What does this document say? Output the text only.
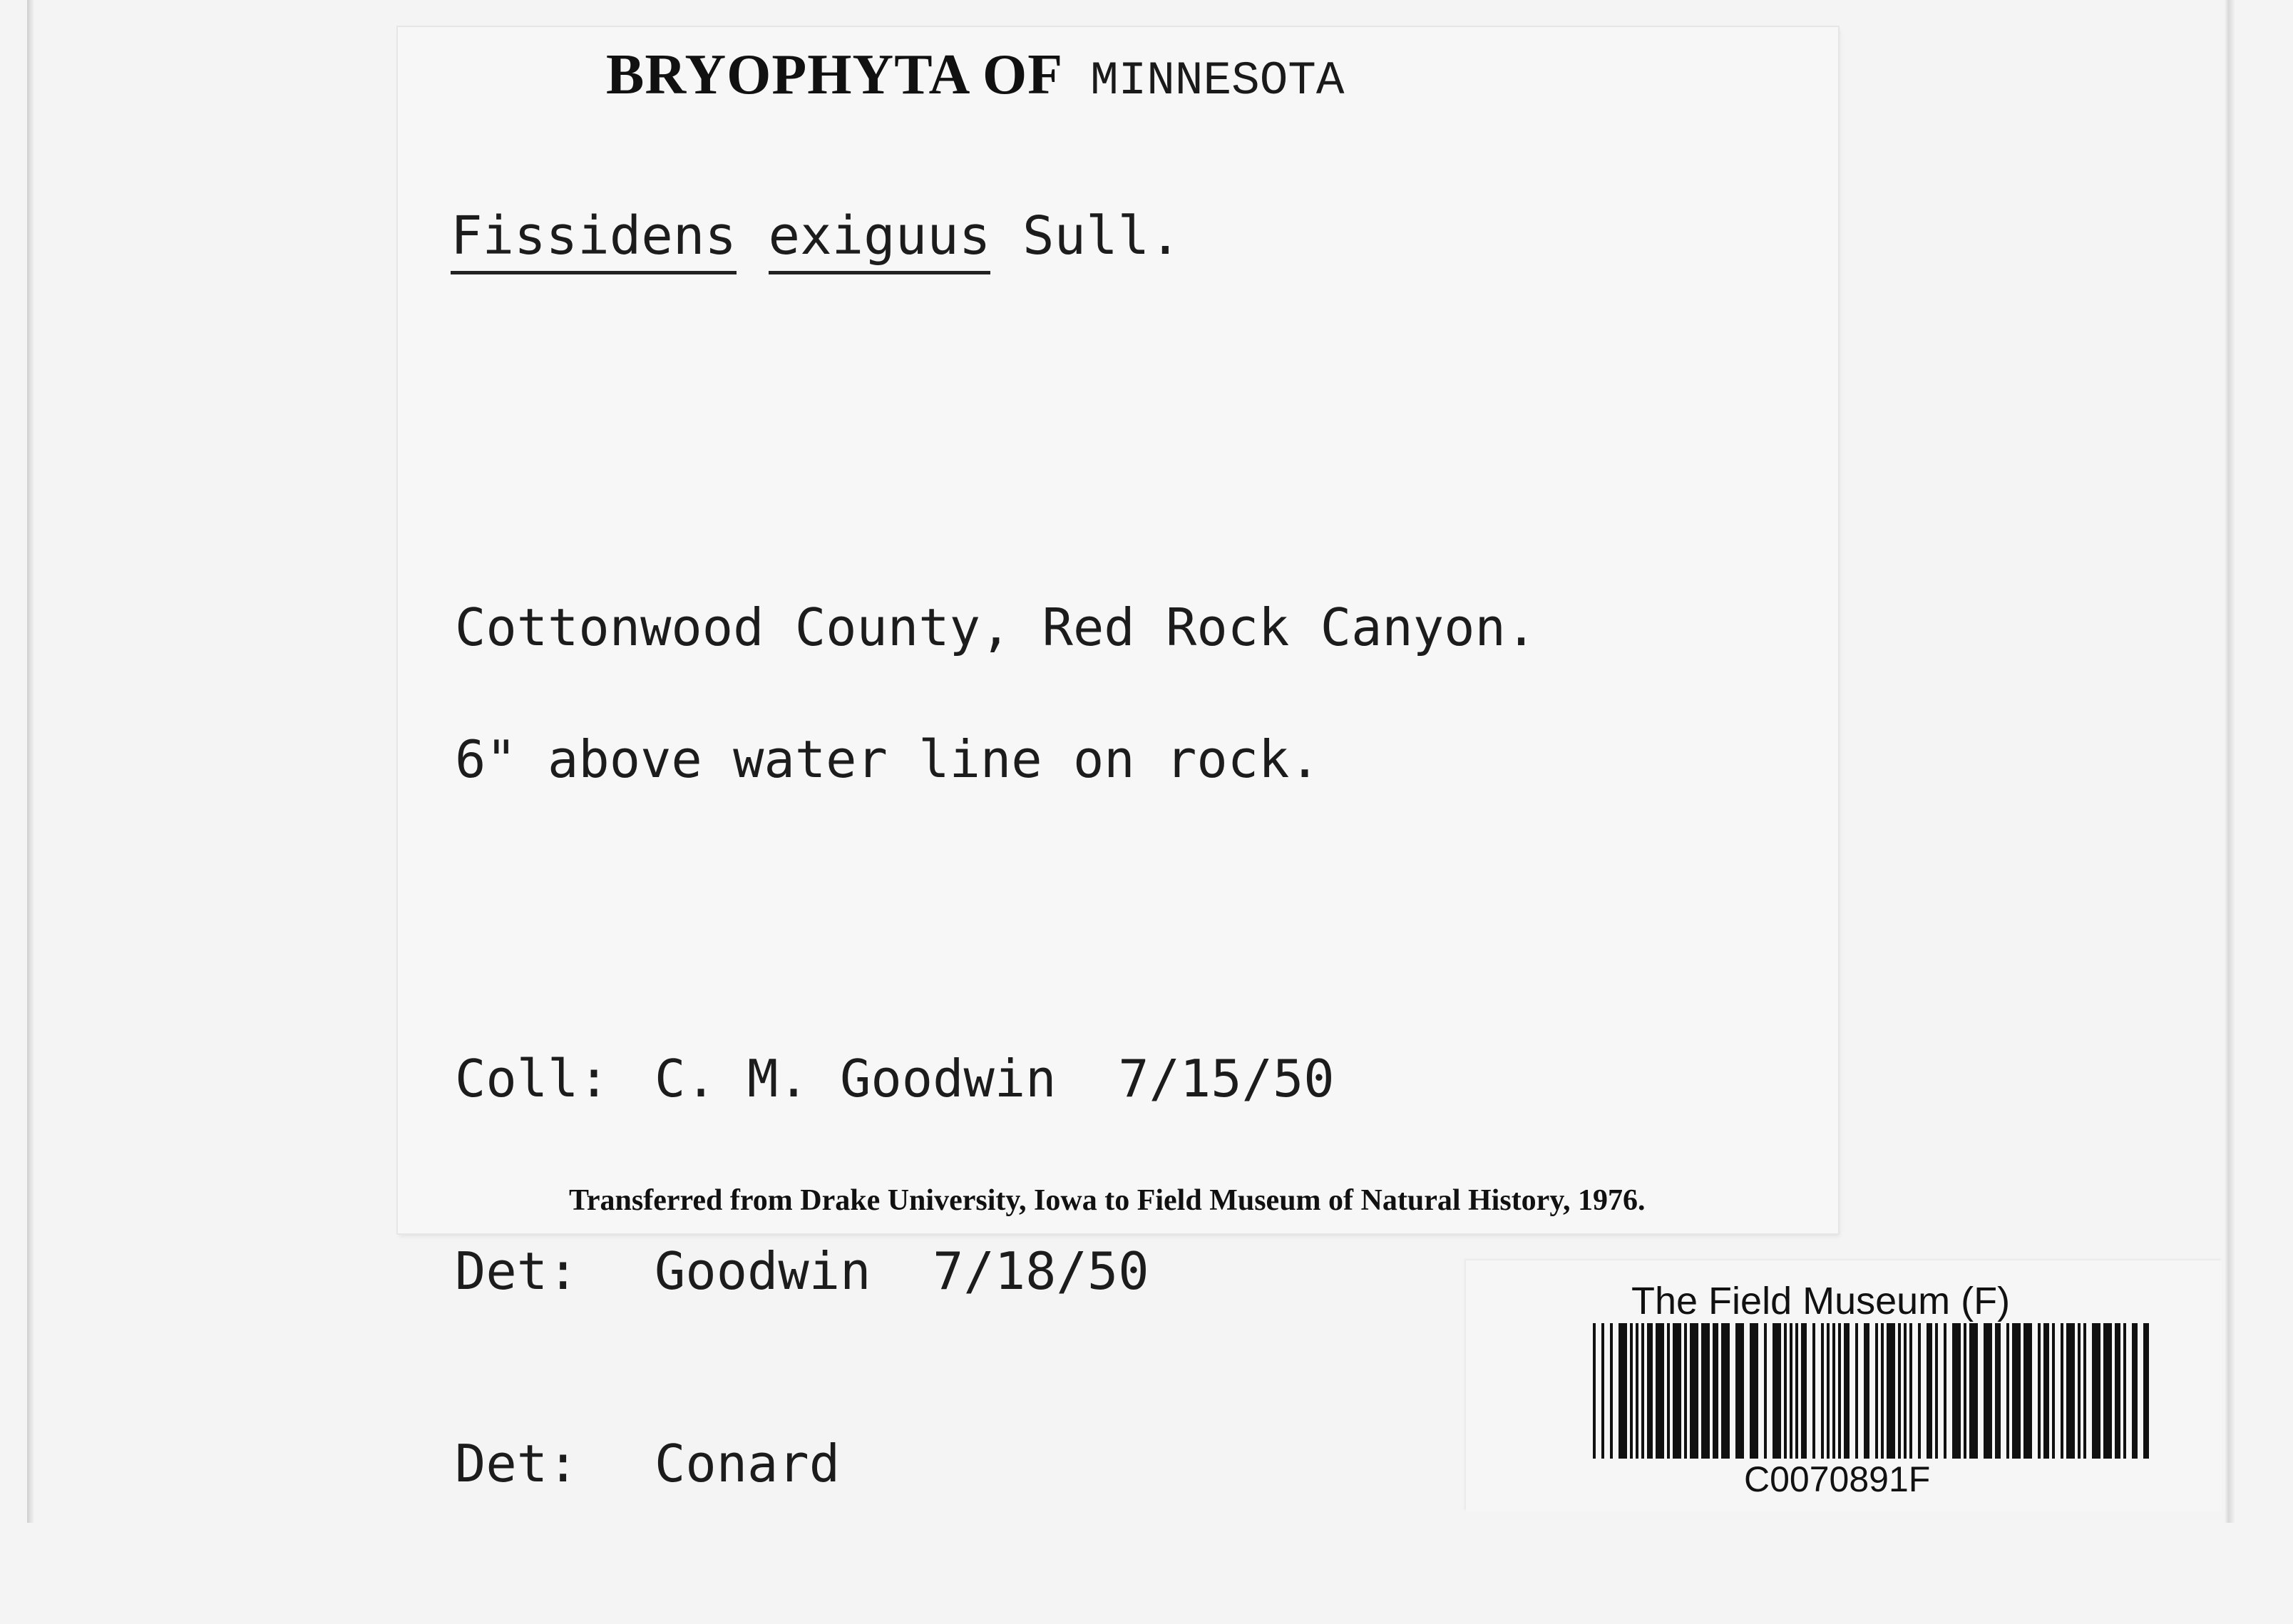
BRYOPHYTA OF MINNESOTA
Fissidens exiguus Sull.
Cottonwood County, Red Rock Canyon.
6" above water line on rock.

Coll: C. M. Goodwin  7/15/50

Det: Goodwin  7/18/50

Det: Conard

Transferred from Drake University, Iowa to Field Museum of Natural History, 1976.
The Field Museum (F)
C0070891F
